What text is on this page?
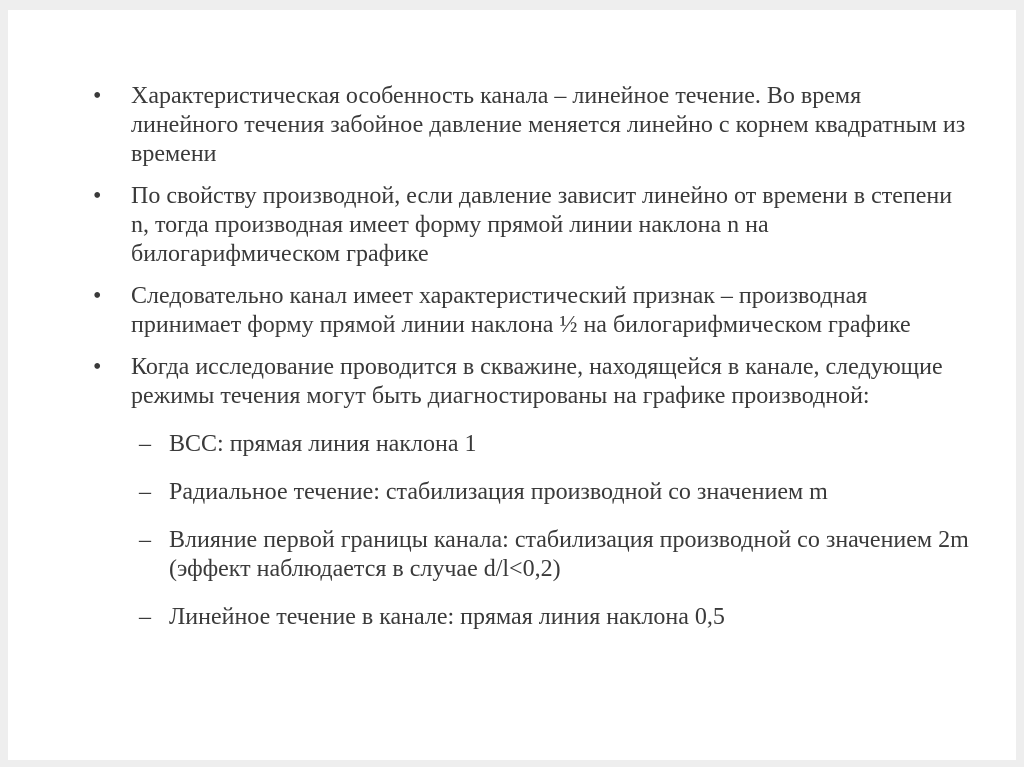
•	Характеристическая особенность канала – линейное течение. Во время линейного течения забойное давление меняется линейно с корнем квадратным из времени
•	По свойству производной, если давление зависит линейно от времени в степени n, тогда производная имеет форму прямой линии наклона n на билогарифмическом графике
•	Следовательно канал имеет характеристический признак – производная принимает форму прямой линии наклона ½ на билогарифмическом графике
•	Когда исследование проводится в скважине, находящейся в канале, следующие режимы течения могут быть диагностированы на графике производной:
– ВСС: прямая линия наклона 1
– Радиальное течение: стабилизация производной со значением m
– Влияние первой границы канала: стабилизация производной со значением 2m (эффект наблюдается в случае d/l<0,2)
– Линейное течение в канале: прямая линия наклона 0,5
